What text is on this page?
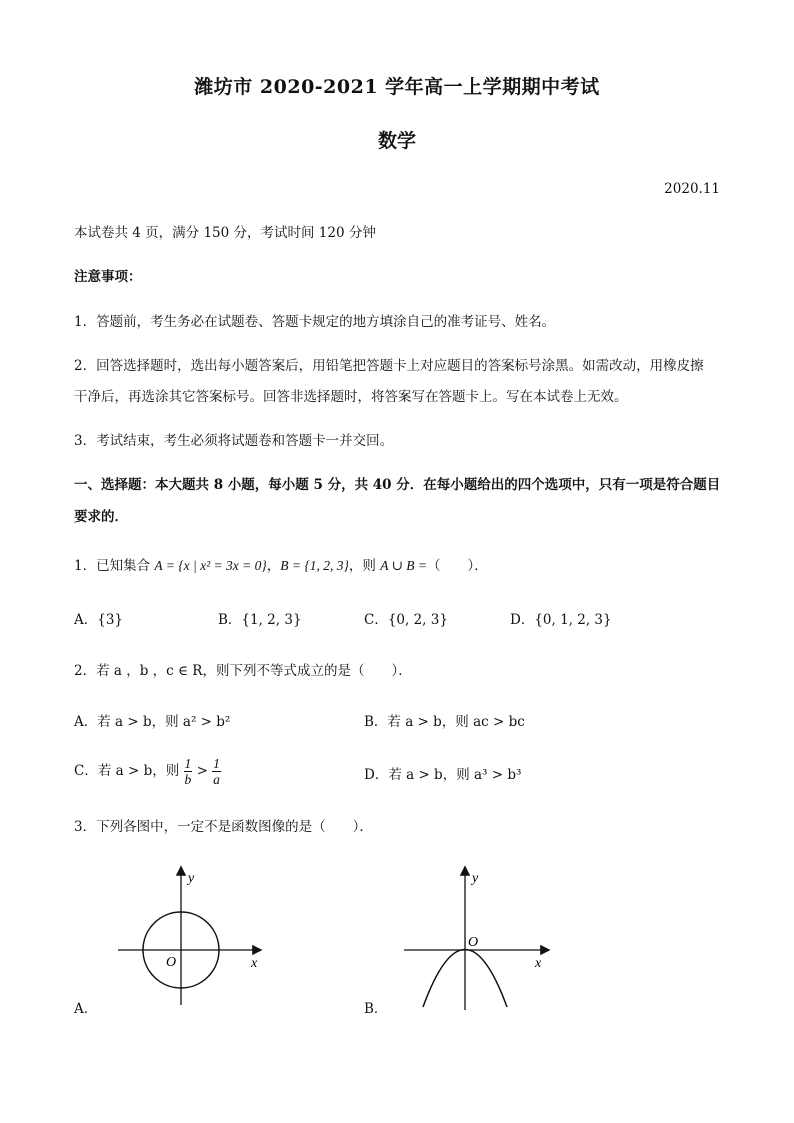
潍坊市 2020-2021 学年高一上学期期中考试
数学
2020.11
本试卷共 4 页，满分 150 分，考试时间 120 分钟
注意事项：
1．答题前，考生务必在试题卷、答题卡规定的地方填涂自己的准考证号、姓名。
2．回答选择题时，选出每小题答案后，用铅笔把答题卡上对应题目的答案标号涂黑。如需改动，用橡皮擦
干净后，再选涂其它答案标号。回答非选择题时，将答案写在答题卡上。写在本试卷上无效。
3．考试结束，考生必须将试题卷和答题卡一并交回。
一、选择题：本大题共 8 小题，每小题 5 分，共 40 分．在每小题给出的四个选项中，只有一项是符合题目
要求的．
1．已知集合 A = {x | x² = 3x = 0}，B = {1, 2, 3}，则 A ∪ B =（　　）．
A．{3}	B．{1, 2, 3}	C．{0, 2, 3}	D．{0, 1, 2, 3}
2．若 a ，b ，c ∈ R，则下列不等式成立的是（　　）．
A．若 a > b，则 a² > b²	B．若 a > b，则 ac > bc
C．若 a > b，则 $\frac{1}{b} > \frac{1}{a}$	D．若 a > b，则 a³ > b³
3．下列各图中，一定不是函数图像的是（　　）．
y
x
O
A．
y
x
O
B．
